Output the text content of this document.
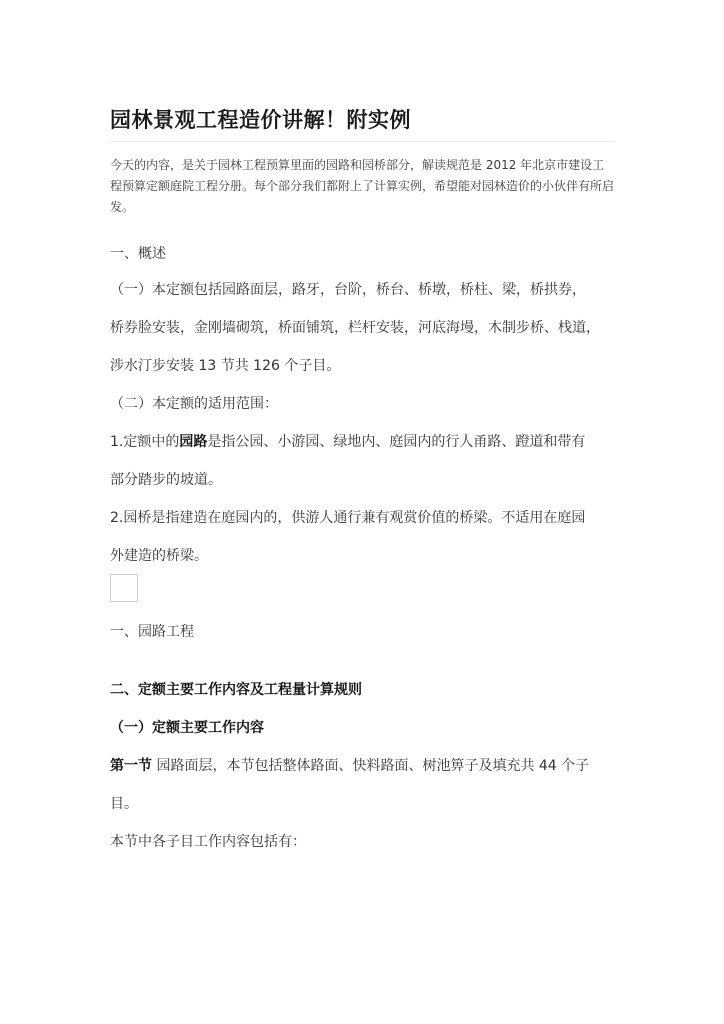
园林景观工程造价讲解！附实例
今天的内容，是关于园林工程预算里面的园路和园桥部分，解读规范是 2012 年北京市建设工程预算定额庭院工程分册。每个部分我们都附上了计算实例，希望能对园林造价的小伙伴有所启发。
一、概述
（一）本定额包括园路面层，路牙，台阶，桥台、桥墩，桥柱、梁，桥拱券，
桥券脸安装，金刚墙砌筑，桥面铺筑，栏杆安装，河底海墁，木制步桥、栈道，
涉水汀步安装 13 节共 126 个子目。
（二）本定额的适用范围：
1.定额中的园路是指公园、小游园、绿地内、庭园内的行人甬路、蹬道和带有
部分踏步的坡道。
2.园桥是指建造在庭园内的，供游人通行兼有观赏价值的桥梁。不适用在庭园
外建造的桥梁。
一、园路工程
二、定额主要工作内容及工程量计算规则
（一）定额主要工作内容
第一节 园路面层，本节包括整体路面、快料路面、树池箅子及填充共 44 个子
目。
本节中各子目工作内容包括有：
